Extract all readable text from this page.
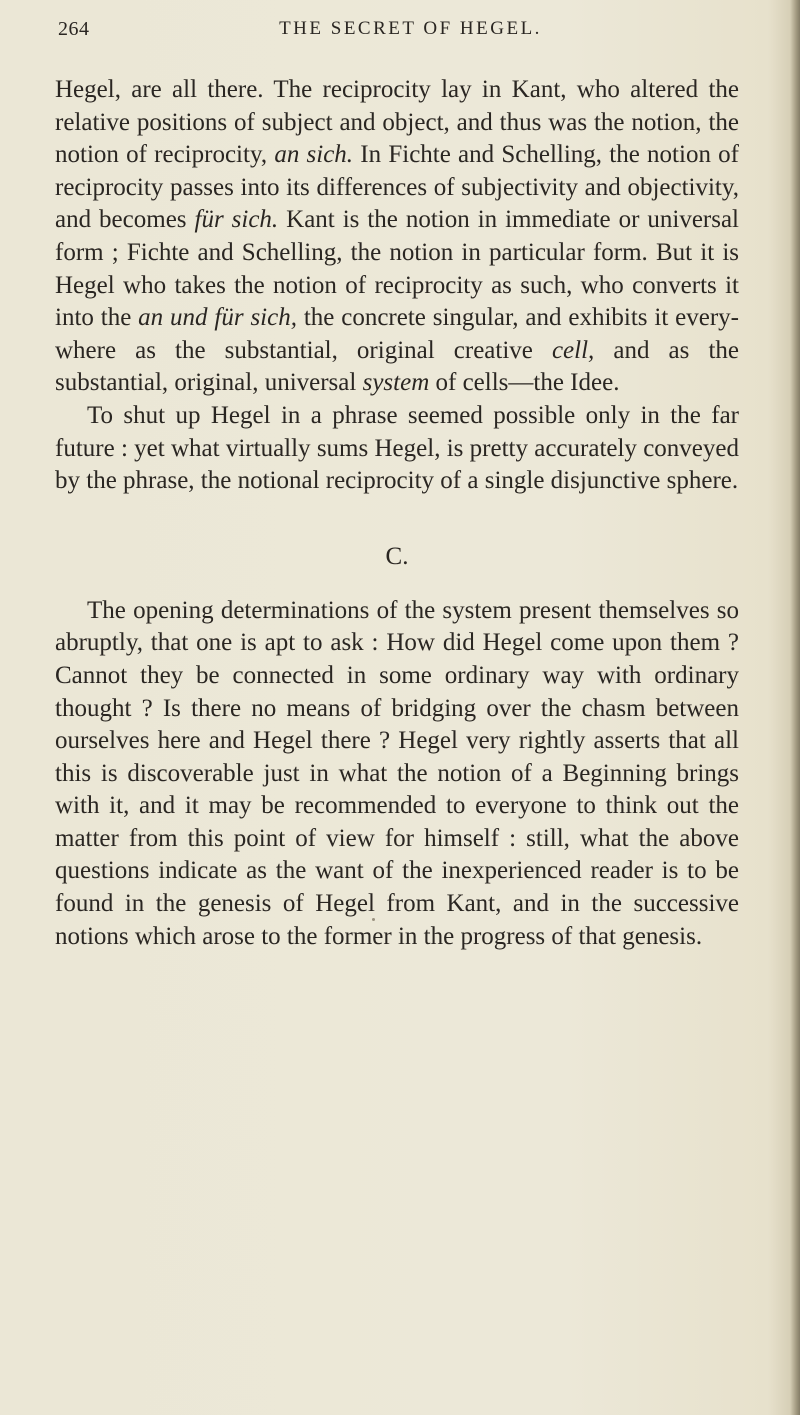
264	THE SECRET OF HEGEL.

Hegel, are all there. The reciprocity lay in Kant, who altered the relative positions of subject and object, and thus was the notion, the notion of reciprocity, an sich. In Fichte and Schelling, the notion of reciprocity passes into its differences of subjectivity and objectivity, and becomes für sich. Kant is the notion in immediate or universal form ; Fichte and Schelling, the notion in particular form. But it is Hegel who takes the notion of reciprocity as such, who converts it into the an und für sich, the concrete singular, and exhibits it every-where as the substantial, original creative cell, and as the substantial, original, universal system of cells—the Idee.

To shut up Hegel in a phrase seemed possible only in the far future : yet what virtually sums Hegel, is pretty accurately conveyed by the phrase, the notional reciprocity of a single disjunctive sphere.

C.

The opening determinations of the system present themselves so abruptly, that one is apt to ask : How did Hegel come upon them ? Cannot they be connected in some ordinary way with ordinary thought ? Is there no means of bridging over the chasm between ourselves here and Hegel there ? Hegel very rightly asserts that all this is discoverable just in what the notion of a Beginning brings with it, and it may be recommended to everyone to think out the matter from this point of view for himself : still, what the above questions indicate as the want of the inexperienced reader is to be found in the genesis of Hegel from Kant, and in the successive notions which arose to the former in the progress of that genesis.
